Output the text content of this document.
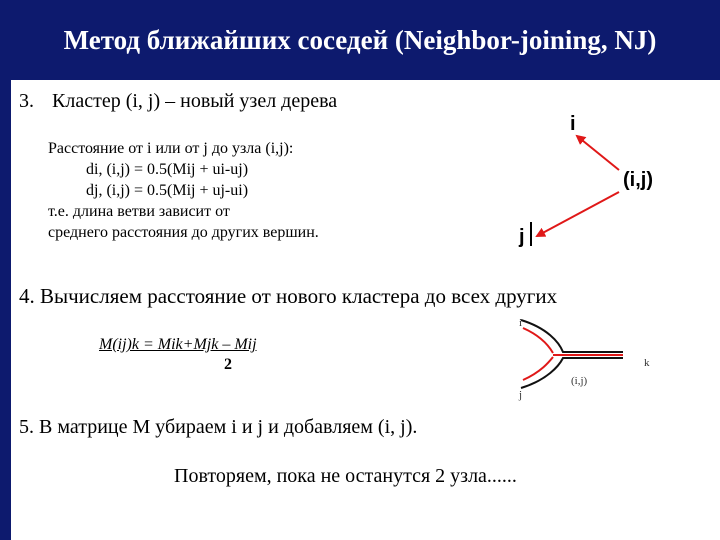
Метод ближайших соседей (Neighbor-joining, NJ)
3. Кластер (i, j) – новый узел дерева
Расстояние от i или от j до узла (i,j):
di, (i,j) = 0.5(Mij + ui-uj)
dj, (i,j) = 0.5(Mij + uj-ui)
т.е. длина ветви зависит от
среднего расстояния до других вершин.
i
(i,j)
j
4. Вычисляем расстояние от нового кластера до всех других
M(ij)k = Mik+Mjk – Mij
2
i
j
k
(i,j)
5. В матрице М убираем i и j и добавляем (i, j).
Повторяем, пока не останутся 2 узла......
